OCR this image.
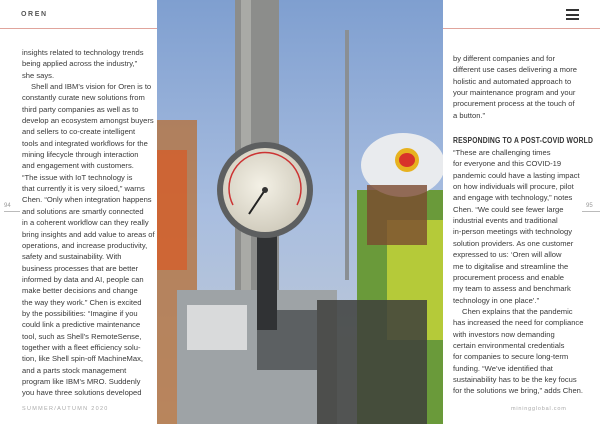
OREN

insights related to technology trends

being applied across the industry,”

she says.

Shell and IBM’s vision for Oren is to

constantly curate new solutions from

third party companies as well as to

develop an ecosystem amongst buyers

and sellers to co-create intelligent

tools and integrated workflows for the

mining lifecycle through interaction

and engagement with customers.

“The issue with IoT technology is

that currently it is very siloed,” warns

Chen. “Only when integration happens

and solutions are smartly connected

in a coherent workflow can they really

bring insights and add value to areas of

operations, and increase productivity,

safety and sustainability. With

business processes that are better

informed by data and AI, people can

make better decisions and change

the way they work.” Chen is excited

by the possibilities: “Imagine if you

could link a predictive maintenance

tool, such as Shell’s RemoteSense,

together with a fleet efficiency solu-

tion, like Shell spin-off MachineMax,

and a parts stock management

program like IBM’s MRO. Suddenly

you have three solutions developed

by different companies and for

different use cases delivering a more

holistic and automated approach to

your maintenance program and your

procurement process at the touch of

a button.”

RESPONDING TO A POST-COVID WORLD

“These are challenging times

for everyone and this COVID-19

pandemic could have a lasting impact

on how individuals will procure, pilot

and engage with technology,” notes

Chen. “We could see fewer large

industrial events and traditional

in-person meetings with technology

solution providers. As one customer

expressed to us: ‘Oren will allow

me to digitalise and streamline the

procurement process and enable

my team to assess and benchmark

technology in one place’.”

Chen explains that the pandemic

has increased the need for compliance

with investors now demanding

certain environmental credentials

for companies to secure long-term

funding. “We’ve identified that

sustainability has to be the key focus

for the solutions we bring,” adds Chen.

94	95
SUMMER/AUTUMN 2020	miningglobal.com
